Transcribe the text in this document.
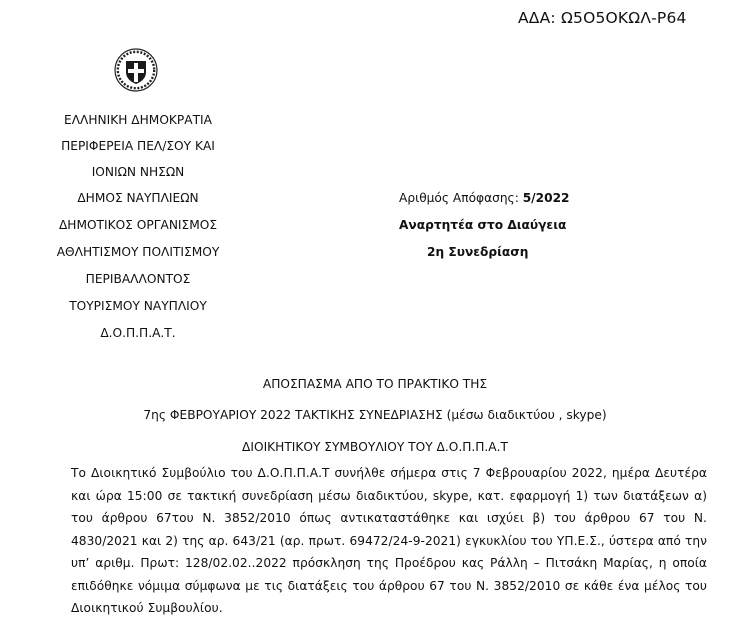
ΑΔΑ: Ω5Ο5ΟΚΩΛ-Ρ64
ΕΛΛΗΝΙΚΗ ΔΗΜΟΚΡΑΤΙΑ
ΠΕΡΙΦΕΡΕΙΑ ΠΕΛ/ΣΟΥ ΚΑΙ
ΙΟΝΙΩΝ ΝΗΣΩΝ
ΔΗΜΟΣ ΝΑΥΠΛΙΕΩΝ
ΔΗΜΟΤΙΚΟΣ ΟΡΓΑΝΙΣΜΟΣ
ΑΘΛΗΤΙΣΜΟΥ ΠΟΛΙΤΙΣΜΟΥ
ΠΕΡΙΒΑΛΛΟΝΤΟΣ
ΤΟΥΡΙΣΜΟΥ ΝΑΥΠΛΙΟΥ
Δ.Ο.Π.Π.Α.Τ.
Αριθμός Απόφασης: 5/2022
Αναρτητέα στο Διαύγεια
2η Συνεδρίαση
ΑΠΟΣΠΑΣΜΑ ΑΠΟ ΤΟ ΠΡΑΚΤΙΚΟ ΤΗΣ
7ης ΦΕΒΡΟΥΑΡΙΟΥ 2022 ΤΑΚΤΙΚΗΣ ΣΥΝΕΔΡΙΑΣΗΣ (μέσω διαδικτύου , skype)
ΔΙΟΙΚΗΤΙΚΟΥ ΣΥΜΒΟΥΛΙΟΥ ΤΟΥ Δ.Ο.Π.Π.Α.Τ
Το Διοικητικό Συμβούλιο του Δ.Ο.Π.Π.Α.Τ συνήλθε σήμερα στις 7 Φεβρουαρίου 2022, ημέρα Δευτέρα και ώρα 15:00 σε τακτική συνεδρίαση μέσω διαδικτύου, skype, κατ. εφαρμογή 1) των διατάξεων α) του άρθρου 67του Ν. 3852/2010 όπως αντικαταστάθηκε και ισχύει β) του άρθρου 67 του Ν. 4830/2021 και 2) της αρ. 643/21 (αρ. πρωτ. 69472/24-9-2021) εγκυκλίου του ΥΠ.Ε.Σ., ύστερα από την υπ’ αριθμ. Πρωτ: 128/02.02..2022 πρόσκληση της Προέδρου κας Ράλλη – Πιτσάκη Μαρίας, η οποία επιδόθηκε νόμιμα σύμφωνα με τις διατάξεις του άρθρου 67 του Ν. 3852/2010 σε κάθε ένα μέλος του Διοικητικού Συμβουλίου.
